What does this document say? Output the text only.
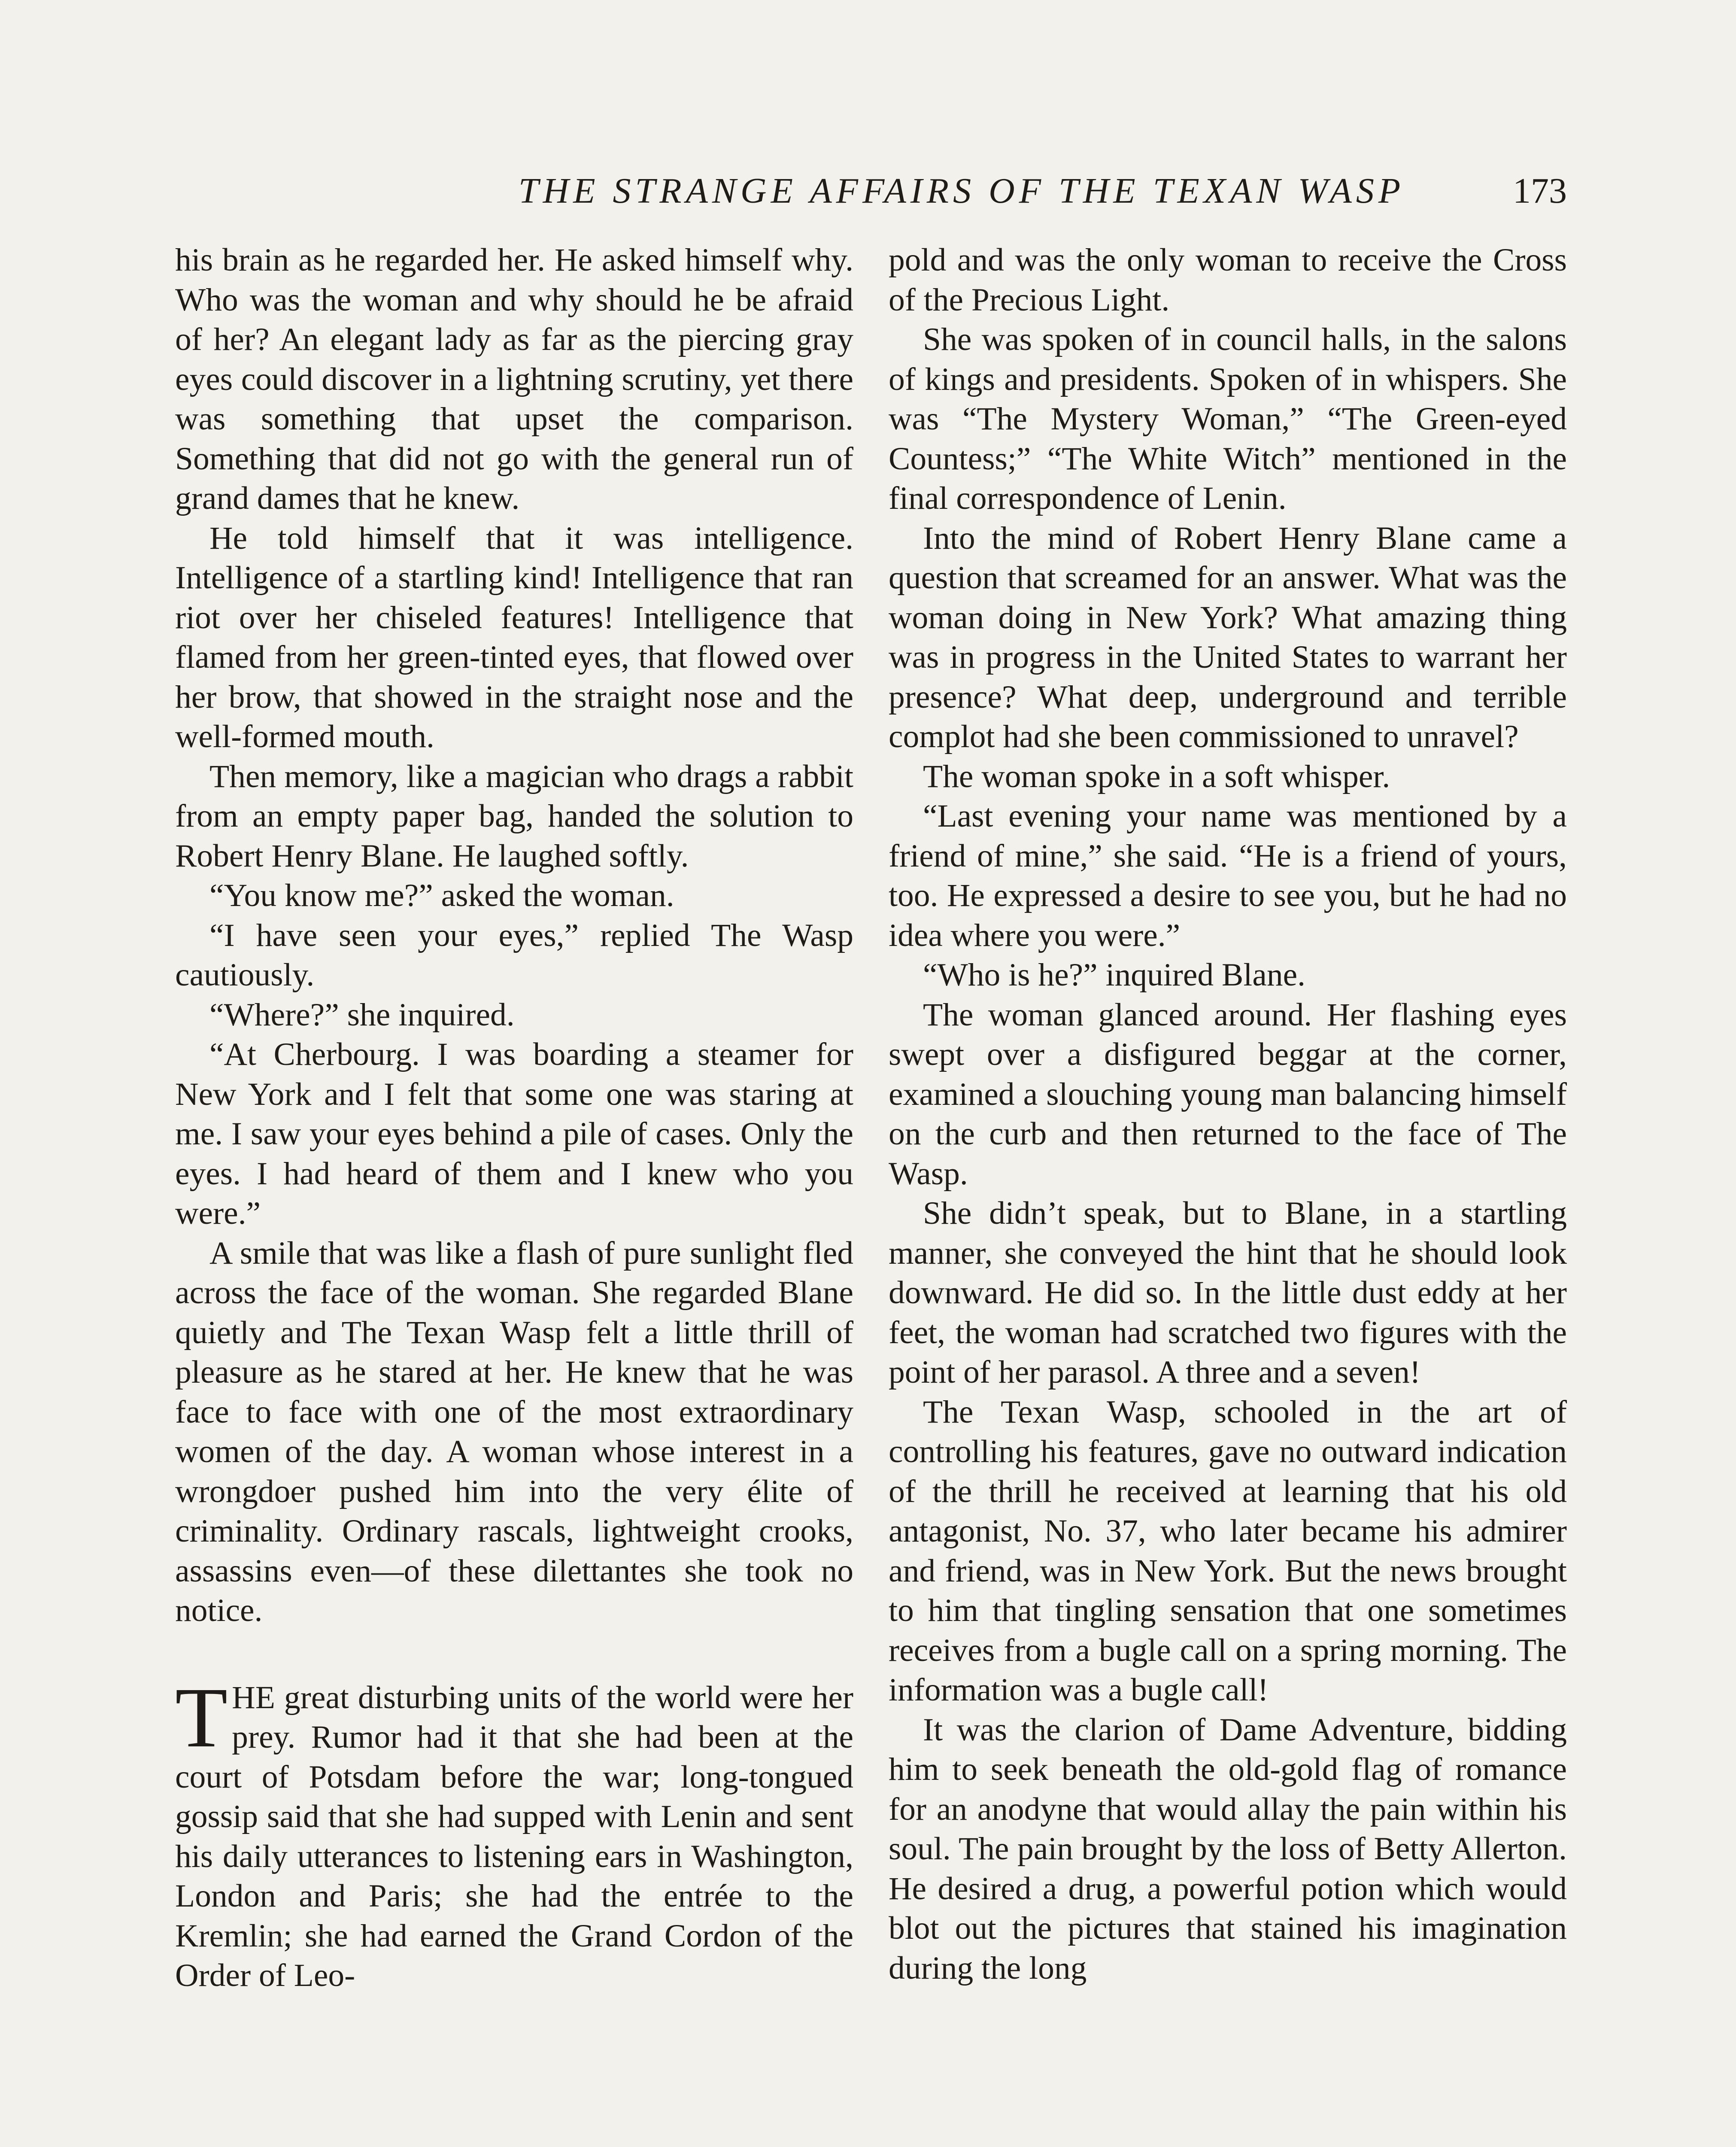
THE STRANGE AFFAIRS OF THE TEXAN WASP	173

his brain as he regarded her. He asked himself why. Who was the woman and why should he be afraid of her? An elegant lady as far as the piercing gray eyes could discover in a lightning scrutiny, yet there was something that upset the comparison. Something that did not go with the general run of grand dames that he knew.

He told himself that it was intelligence. Intelligence of a startling kind! Intelligence that ran riot over her chiseled features! Intelligence that flamed from her green-tinted eyes, that flowed over her brow, that showed in the straight nose and the well-formed mouth.

Then memory, like a magician who drags a rabbit from an empty paper bag, handed the solution to Robert Henry Blane. He laughed softly.

“You know me?” asked the woman.

“I have seen your eyes,” replied The Wasp cautiously.

“Where?” she inquired.

“At Cherbourg. I was boarding a steamer for New York and I felt that some one was staring at me. I saw your eyes behind a pile of cases. Only the eyes. I had heard of them and I knew who you were.”

A smile that was like a flash of pure sunlight fled across the face of the woman. She regarded Blane quietly and The Texan Wasp felt a little thrill of pleasure as he stared at her. He knew that he was face to face with one of the most extraordinary women of the day. A woman whose interest in a wrongdoer pushed him into the very élite of criminality. Ordinary rascals, lightweight crooks, assassins even—of these dilettantes she took no notice.

THE great disturbing units of the world were her prey. Rumor had it that she had been at the court of Potsdam before the war; long-tongued gossip said that she had supped with Lenin and sent his daily utterances to listening ears in Washington, London and Paris; she had the entrée to the Kremlin; she had earned the Grand Cordon of the Order of Leo-

pold and was the only woman to receive the Cross of the Precious Light.

She was spoken of in council halls, in the salons of kings and presidents. Spoken of in whispers. She was “The Mystery Woman,” “The Green-eyed Countess;” “The White Witch” mentioned in the final correspondence of Lenin.

Into the mind of Robert Henry Blane came a question that screamed for an answer. What was the woman doing in New York? What amazing thing was in progress in the United States to warrant her presence? What deep, underground and terrible complot had she been commissioned to unravel?

The woman spoke in a soft whisper.

“Last evening your name was mentioned by a friend of mine,” she said. “He is a friend of yours, too. He expressed a desire to see you, but he had no idea where you were.”

“Who is he?” inquired Blane.

The woman glanced around. Her flashing eyes swept over a disfigured beggar at the corner, examined a slouching young man balancing himself on the curb and then returned to the face of The Wasp.

She didn’t speak, but to Blane, in a startling manner, she conveyed the hint that he should look downward. He did so. In the little dust eddy at her feet, the woman had scratched two figures with the point of her parasol. A three and a seven!

The Texan Wasp, schooled in the art of controlling his features, gave no outward indication of the thrill he received at learning that his old antagonist, No. 37, who later became his admirer and friend, was in New York. But the news brought to him that tingling sensation that one sometimes receives from a bugle call on a spring morning. The information was a bugle call!

It was the clarion of Dame Adventure, bidding him to seek beneath the old-gold flag of romance for an anodyne that would allay the pain within his soul. The pain brought by the loss of Betty Allerton. He desired a drug, a powerful potion which would blot out the pictures that stained his imagination during the long
